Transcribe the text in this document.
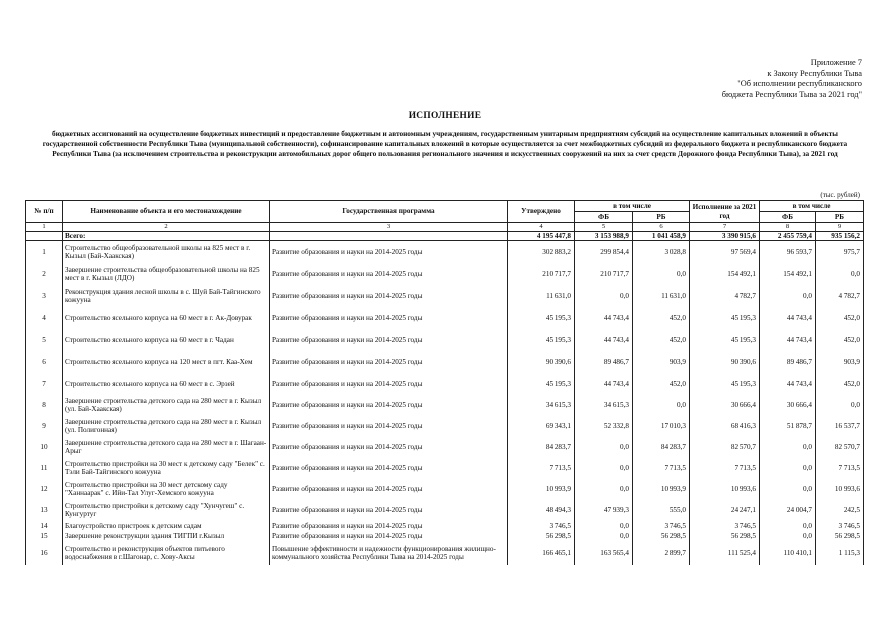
Приложение 7
к Закону Республики Тыва
"Об исполнении республиканского
бюджета Республики Тыва за 2021 год"
ИСПОЛНЕНИЕ
бюджетных ассигнований на осуществление бюджетных инвестиций и предоставление бюджетным и автономным учреждениям, государственным унитарным предприятиям субсидий на осуществление капитальных вложений в объекты государственной собственности Республики Тыва (муниципальной собственности), софинансирование капитальных вложений в которые осуществляется за счет межбюджетных субсидий из федерального бюджета и республиканского бюджета Республики Тыва (за исключением строительства и реконструкции автомобильных дорог общего пользования регионального значения и искусственных сооружений на них за счет средств Дорожного фонда Республики Тыва), за 2021 год
(тыс. рублей)
№ п/п	Наименование объекта и его местонахождение	Государственная программа	Утверждено	в том числе		Исполнение за 2021 год	в том числе	
				ФБ	РБ		ФБ	РБ
1	2	3	4	5	6	7	8	9
	Всего:		4 195 447,8	3 153 988,9	1 041 458,9	3 390 915,6	2 455 759,4	935 156,2
1	Строительство общеобразовательной школы на 825 мест в г. Кызыл (Бай-Хаакская)	Развитие образования и науки на 2014-2025 годы	302 883,2	299 854,4	3 028,8	97 569,4	96 593,7	975,7
2	Завершение строительства общеобразовательной школы на 825 мест в г. Кызыл (ЛДО)	Развитие образования и науки на 2014-2025 годы	210 717,7	210 717,7	0,0	154 492,1	154 492,1	0,0
3	Реконструкция здания лесной школы в с. Шуй Бай-Тайгинского кожууна	Развитие образования и науки на 2014-2025 годы	11 631,0	0,0	11 631,0	4 782,7	0,0	4 782,7
4	Строительство ясельного корпуса на 60 мест в г. Ак-Довурак	Развитие образования и науки на 2014-2025 годы	45 195,3	44 743,4	452,0	45 195,3	44 743,4	452,0
5	Строительство ясельного корпуса на 60 мест в г. Чадан	Развитие образования и науки на 2014-2025 годы	45 195,3	44 743,4	452,0	45 195,3	44 743,4	452,0
6	Строительство ясельного корпуса на 120 мест в пгт. Каа-Хем	Развитие образования и науки на 2014-2025 годы	90 390,6	89 486,7	903,9	90 390,6	89 486,7	903,9
7	Строительство ясельного корпуса на 60 мест в с. Эрзей	Развитие образования и науки на 2014-2025 годы	45 195,3	44 743,4	452,0	45 195,3	44 743,4	452,0
8	Завершение строительства детского сада на 280 мест в г. Кызыл (ул. Бай-Хаакская)	Развитие образования и науки на 2014-2025 годы	34 615,3	34 615,3	0,0	30 666,4	30 666,4	0,0
9	Завершение строительства детского сада на 280 мест в г. Кызыл (ул. Полигонная)	Развитие образования и науки на 2014-2025 годы	69 343,1	52 332,8	17 010,3	68 416,3	51 878,7	16 537,7
10	Завершение строительства детского сада на 280 мест в г. Шагаан-Арыг	Развитие образования и науки на 2014-2025 годы	84 283,7	0,0	84 283,7	82 570,7	0,0	82 570,7
11	Строительство пристройки на 30 мест к детскому саду "Белек" с. Тэли Бай-Тайгинского кожууна	Развитие образования и науки на 2014-2025 годы	7 713,5	0,0	7 713,5	7 713,5	0,0	7 713,5
12	Строительство пристройки на 30 мест детскому саду "Ханнаарак" с. Ийи-Тал Улуг-Хемского кожууна	Развитие образования и науки на 2014-2025 годы	10 993,9	0,0	10 993,9	10 993,6	0,0	10 993,6
13	Строительство пристройки к детскому саду "Хунчугеш" с. Кунгуртуг	Развитие образования и науки на 2014-2025 годы	48 494,3	47 939,3	555,0	24 247,1	24 004,7	242,5
14	Благоустройство пристроек к детским садам	Развитие образования и науки на 2014-2025 годы	3 746,5	0,0	3 746,5	3 746,5	0,0	3 746,5
15	Завершение реконструкции здания ТИГПИ г.Кызыл	Развитие образования и науки на 2014-2025 годы	56 298,5	0,0	56 298,5	56 298,5	0,0	56 298,5
16	Строительство и реконструкция объектов питьевого водоснабжения в г.Шагонар, с. Хову-Аксы	Повышение эффективности и надежности функционирования жилищно-коммунального хозяйства Республики Тыва на 2014-2025 годы	166 465,1	163 565,4	2 899,7	111 525,4	110 410,1	1 115,3
